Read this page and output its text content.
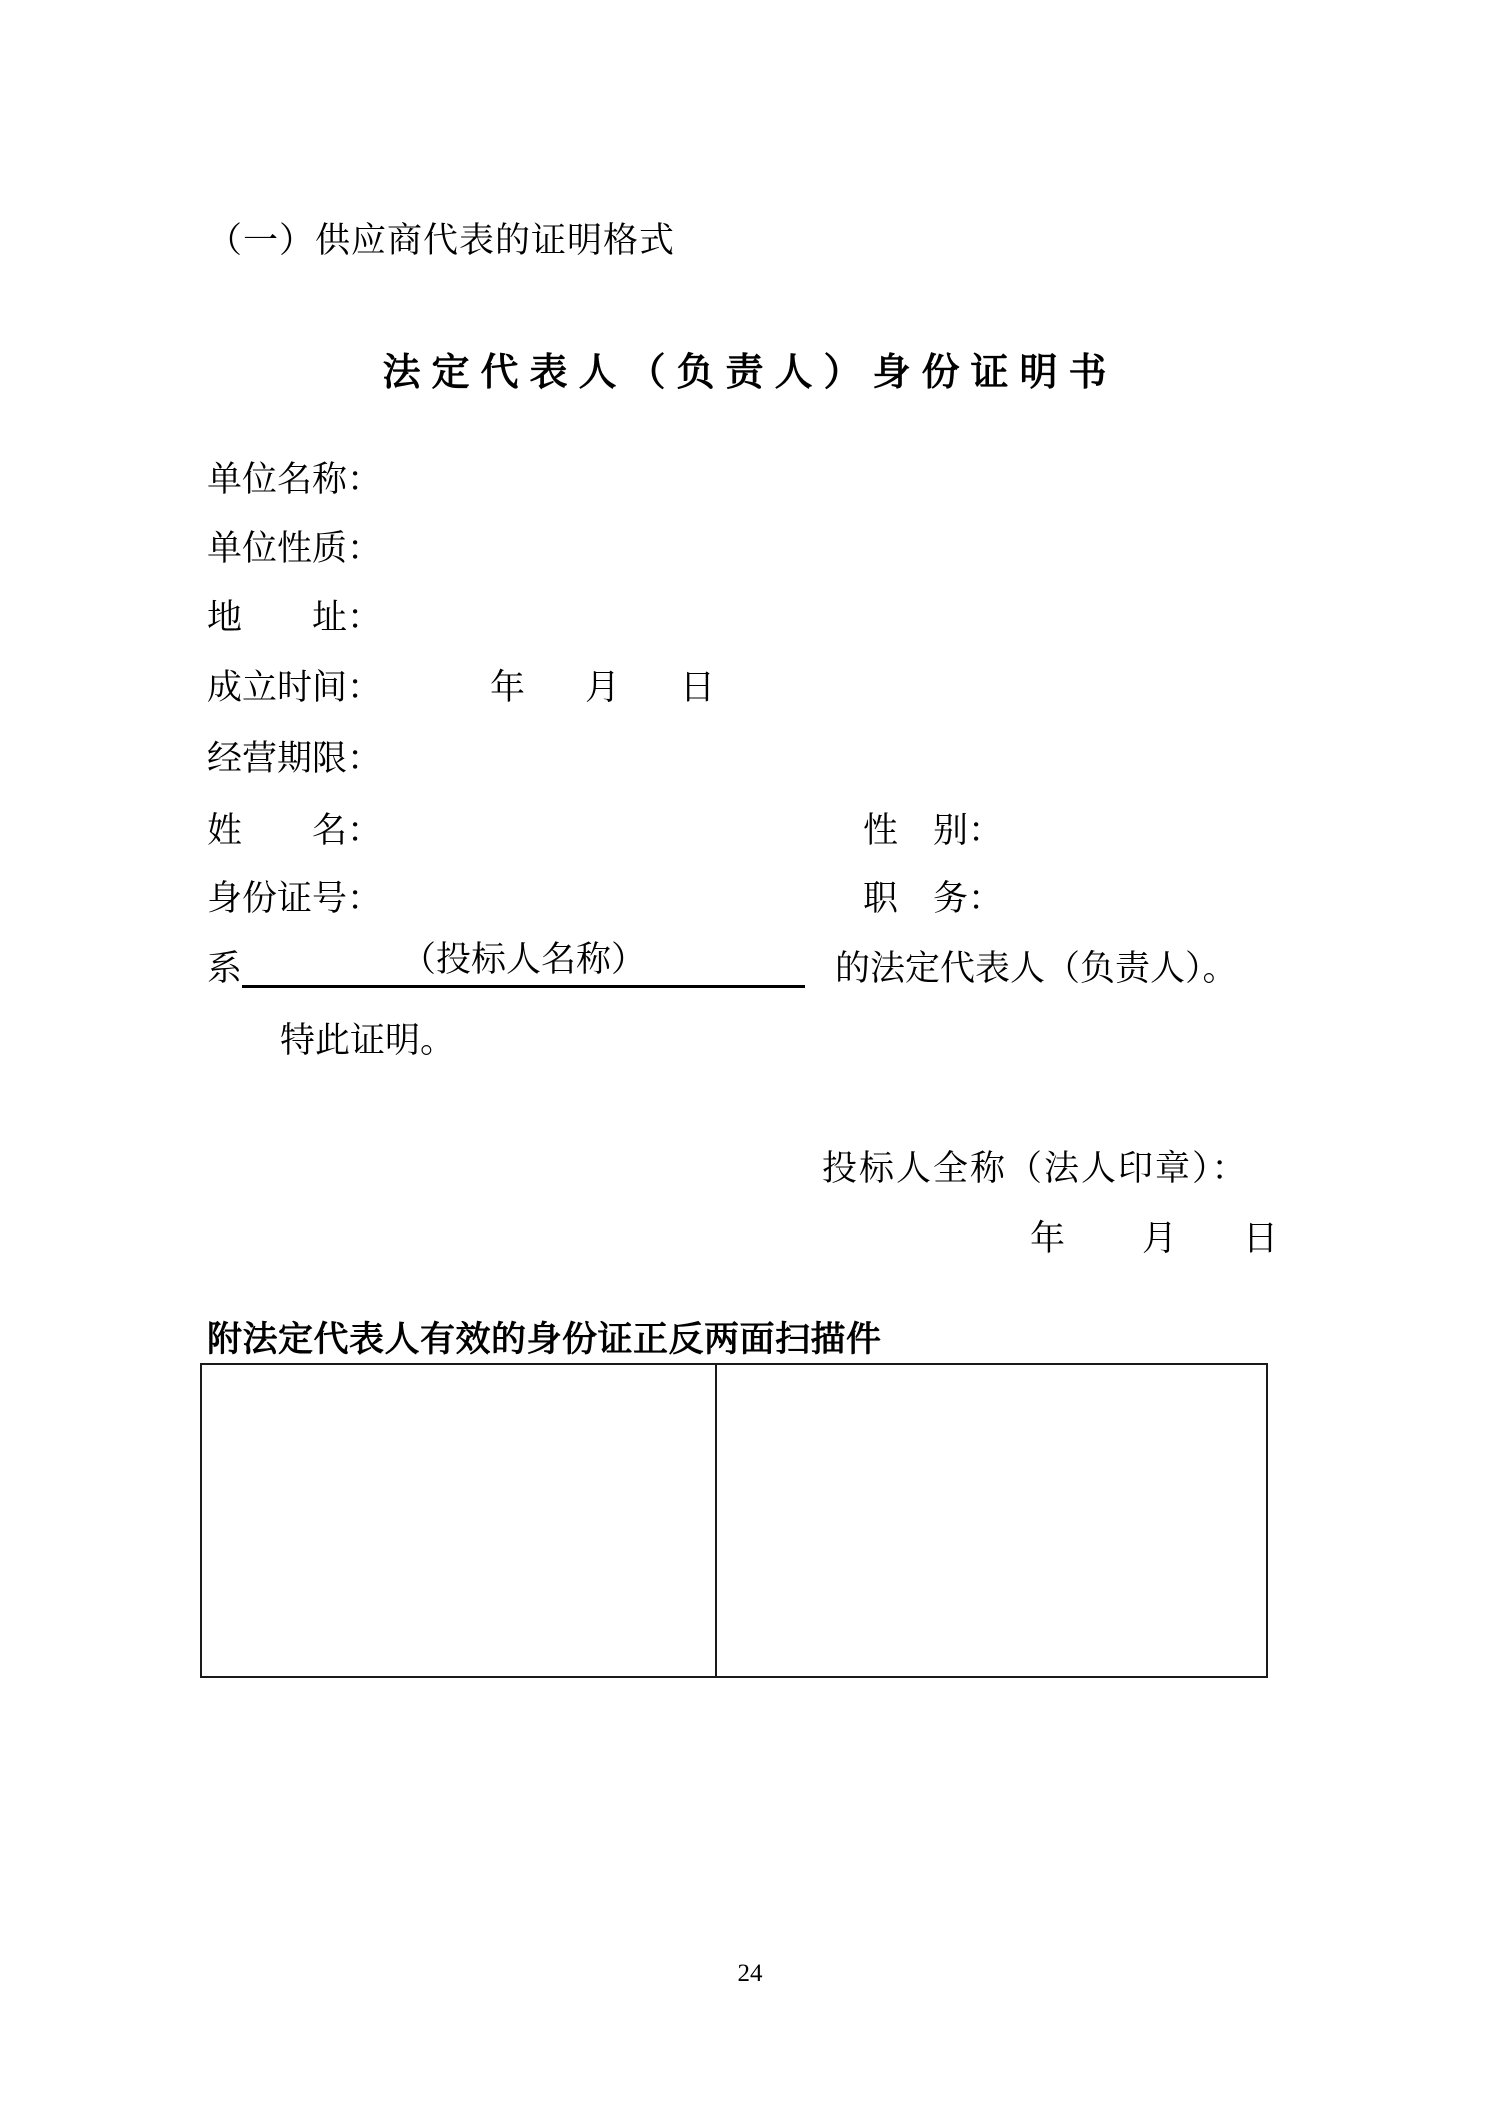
（一）供应商代表的证明格式
法定代表人（负责人）身份证明书
单位名称：
单位性质：
地　　址：
成立时间：	年 月 日
经营期限：
姓　　名：	性　别：
身份证号：	职　务：
系	（投标人名称）	的法定代表人（负责人）。
特此证明。
投标人全称（法人印章）：
年 月 日
附法定代表人有效的身份证正反两面扫描件
24
